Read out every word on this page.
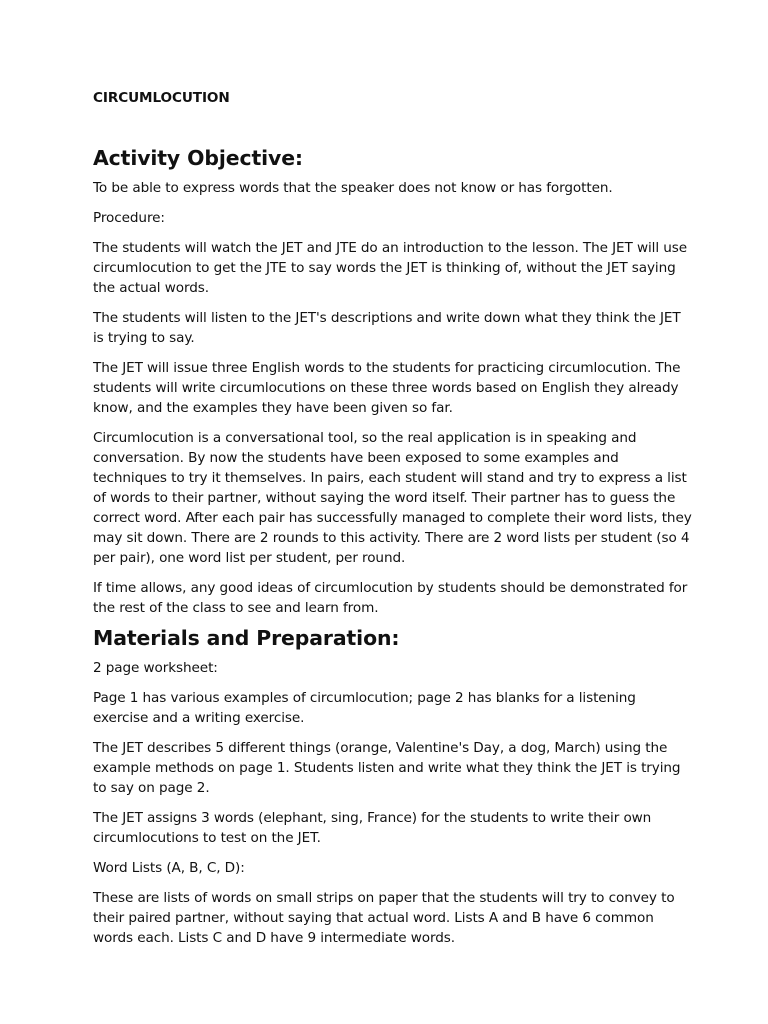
CIRCUMLOCUTION
Activity Objective:

To be able to express words that the speaker does not know or has forgotten.

Procedure:

The students will watch the JET and JTE do an introduction to the lesson. The JET will use circumlocution to get the JTE to say words the JET is thinking of, without the JET saying the actual words.

The students will listen to the JET's descriptions and write down what they think the JET is trying to say.

The JET will issue three English words to the students for practicing circumlocution. The students will write circumlocutions on these three words based on English they already know, and the examples they have been given so far.

Circumlocution is a conversational tool, so the real application is in speaking and conversation. By now the students have been exposed to some examples and techniques to try it themselves. In pairs, each student will stand and try to express a list of words to their partner, without saying the word itself. Their partner has to guess the correct word. After each pair has successfully managed to complete their word lists, they may sit down. There are 2 rounds to this activity. There are 2 word lists per student (so 4 per pair), one word list per student, per round.

If time allows, any good ideas of circumlocution by students should be demonstrated for the rest of the class to see and learn from.

Materials and Preparation:

2 page worksheet:

Page 1 has various examples of circumlocution; page 2 has blanks for a listening exercise and a writing exercise.

The JET describes 5 different things (orange, Valentine's Day, a dog, March) using the example methods on page 1. Students listen and write what they think the JET is trying to say on page 2.

The JET assigns 3 words (elephant, sing, France) for the students to write their own circumlocutions to test on the JET.

Word Lists (A, B, C, D):

These are lists of words on small strips on paper that the students will try to convey to their paired partner, without saying that actual word. Lists A and B have 6 common words each. Lists C and D have 9 intermediate words.
